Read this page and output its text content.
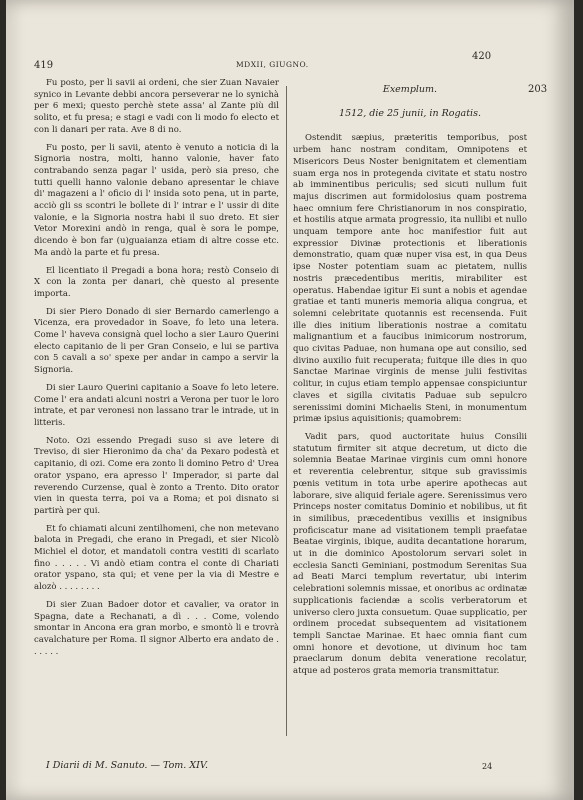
419	MDXII, GIUGNO.
420
203

Fu posto, per li savii ai ordeni, che sier Zuan Navaier synico in Levante debbi ancora perseverar ne lo synichà per 6 mexi; questo perchè stete assa' al Zante più dil solito, et fu presa; e stagi e vadi con li modo fo electo et con li danari per rata. Ave 8 di no.

Fu posto, per li savii, atento è venuto a noticia di la Signoria nostra, molti, hanno valonie, haver fato contrabando senza pagar l' usida, però sia preso, che tutti quelli hanno valonie debano apresentar le chiave di' magazeni a l' oficio di l' insida soto pena, ut in parte, acciò gli ss scontri le bollete di l' intrar e l' ussir di dite valonie, e la Signoria nostra habi il suo dreto. Et sier Vetor Morexini andò in renga, qual è sora le pompe, dicendo è bon far (u)guaianza etiam di altre cosse etc. Ma andò la parte et fu presa.

El licentiato il Pregadi a bona hora; restò Conseio di X con la zonta per danari, chè questo al presente importa.

Di sier Piero Donado di sier Bernardo camerlengo a Vicenza, era provedador in Soave, fo leto una letera. Come l' haveva consignà quel locho a sier Lauro Querini electo capitanio de li per Gran Conseio, e lui se partiva con 5 cavali a so' spexe per andar in campo a servir la Signoria.

Di sier Lauro Querini capitanio a Soave fo leto letere. Come l' era andati alcuni nostri a Verona per tuor le loro intrate, et par veronesi non lassano trar le intrade, ut in litteris.

Noto. Ozi essendo Pregadi suso si ave letere di Treviso, di sier Hieronimo da cha' da Pexaro podestà et capitanio, di ozi. Come era zonto li domino Petro d' Urea orator yspano, era apresso l' Imperador, si parte dal reverendo Curzense, qual è zonto a Trento. Dito orator vien in questa terra, poi va a Roma; et poi disnato si partirà per qui.

Et fo chiamati alcuni zentilhomeni, che non metevano balota in Pregadi, che erano in Pregadi, et sier Nicolò Michiel el dotor, et mandatoli contra vestiti di scarlato fino . . . . . Vi andò etiam contra el conte di Chariati orator yspano, sta qui; et vene per la via di Mestre e alozò . . . . . . . .

Di sier Zuan Badoer dotor et cavalier, va orator in Spagna, date a Rechanati, a dì . . . Come, volendo smontar in Ancona era gran morbo, e smontò li e trovrà cavalchature per Roma. Il signor Alberto era andato de . . . . . .

Exemplum.
1512, die 25 junii, in Rogatis.

Ostendit sæpius, præteritis temporibus, post urbem hanc nostram conditam, Omnipotens et Misericors Deus Noster benignitatem et clementiam suam erga nos in protegenda civitate et statu nostro ab imminentibus periculis; sed sicuti nullum fuit majus discrimen aut formidolosius quam postrema haec omnium fere Christianorum in nos conspiratio, et hostilis atque armata progressio, ita nullibi et nullo unquam tempore ante hoc manifestior fuit aut expressior Divinæ protectionis et liberationis demonstratio, quam quæ nuper visa est, in qua Deus ipse Noster potentiam suam ac pietatem, nullis nostris præcedentibus meritis, mirabiliter est operatus. Habendae igitur Ei sunt a nobis et agendae gratiae et tanti muneris memoria aliqua congrua, et solemni celebritate quotannis est recensenda. Fuit ille dies initium liberationis nostrae a comitatu malignantium et a faucibus inimicorum nostrorum, quo civitas Paduae, non humana ope aut consilio, sed divino auxilio fuit recuperata; fuitque ille dies in quo Sanctae Marinae virginis de mense julii festivitas colitur, in cujus etiam templo appensae conspiciuntur claves et sigilla civitatis Paduae sub sepulcro serenissimi domini Michaelis Steni, in monumentum primæ ipsius aquisitionis; quamobrem:

Vadit pars, quod auctoritate huius Consilii statutum firmiter sit atque decretum, ut dicto die solemnia Beatae Marinae virginis cum omni honore et reverentia celebrentur, sitque sub gravissimis pœnis vetitum in tota urbe aperire apothecas aut laborare, sive aliquid feriale agere. Serenissimus vero Princeps noster comitatus Dominio et nobilibus, ut fit in similibus, præcedentibus vexillis et insignibus proficiscatur mane ad visitationem templi praefatae Beatae virginis, ibique, audita decantatione horarum, ut in die dominico Apostolorum servari solet in ecclesia Sancti Geminiani, postmodum Serenitas Sua ad Beati Marci templum revertatur, ubi interim celebrationi solemnis missae, et onoribus ac ordinatæ supplicationis faciendæ a scolis verberatorum et universo clero juxta consuetum. Quae supplicatio, per ordinem procedat subsequentem ad visitationem templi Sanctae Marinae. Et haec omnia fiant cum omni honore et devotione, ut divinum hoc tam praeclarum donum debita veneratione recolatur, atque ad posteros grata memoria transmittatur.

I Diarii di M. Sanuto. — Tom. XIV.	24
